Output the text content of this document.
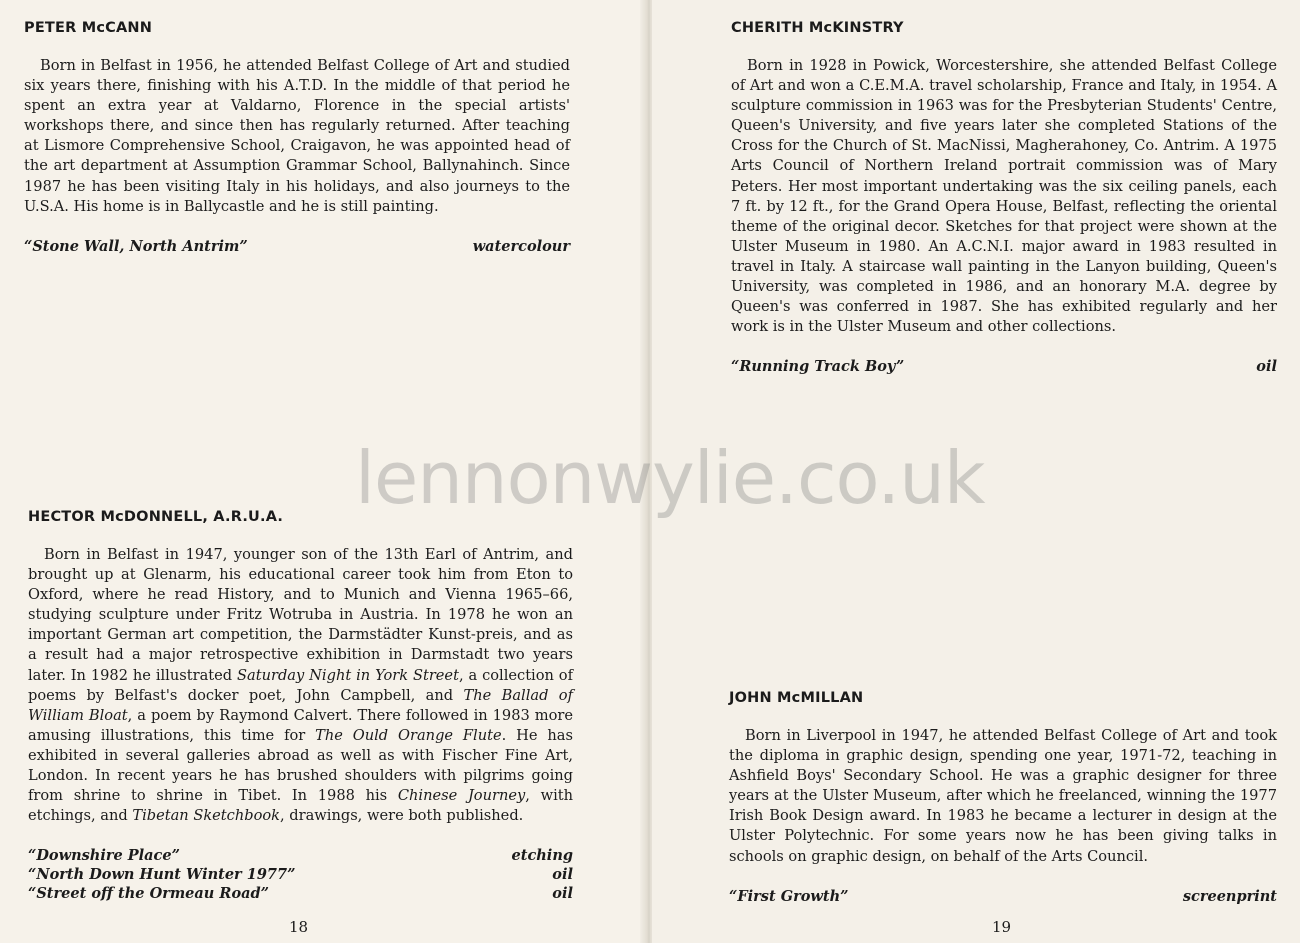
PETER McCANN

Born in Belfast in 1956, he attended Belfast College of Art and studied six years there, finishing with his A.T.D. In the middle of that period he spent an extra year at Valdarno, Florence in the special artists' workshops there, and since then has regularly returned. After teaching at Lismore Comprehensive School, Craigavon, he was appointed head of the art department at Assumption Grammar School, Ballynahinch. Since 1987 he has been visiting Italy in his holidays, and also journeys to the U.S.A. His home is in Ballycastle and he is still painting.

“Stone Wall, North Antrim”	watercolour
HECTOR McDONNELL, A.R.U.A.

Born in Belfast in 1947, younger son of the 13th Earl of Antrim, and brought up at Glenarm, his educational career took him from Eton to Oxford, where he read History, and to Munich and Vienna 1965–66, studying sculpture under Fritz Wotruba in Austria. In 1978 he won an important German art competition, the Darmstädter Kunst-preis, and as a result had a major retrospective exhibition in Darmstadt two years later. In 1982 he illustrated Saturday Night in York Street, a collection of poems by Belfast's docker poet, John Campbell, and The Ballad of William Bloat, a poem by Raymond Calvert. There followed in 1983 more amusing illustrations, this time for The Ould Orange Flute. He has exhibited in several galleries abroad as well as with Fischer Fine Art, London. In recent years he has brushed shoulders with pilgrims going from shrine to shrine in Tibet. In 1988 his Chinese Journey, with etchings, and Tibetan Sketchbook, drawings, were both published.

“Downshire Place”	etching
“North Down Hunt Winter 1977”	oil
“Street off the Ormeau Road”	oil
18
CHERITH McKINSTRY

Born in 1928 in Powick, Worcestershire, she attended Belfast College of Art and won a C.E.M.A. travel scholarship, France and Italy, in 1954. A sculpture commission in 1963 was for the Presbyterian Students' Centre, Queen's University, and five years later she completed Stations of the Cross for the Church of St. MacNissi, Magherahoney, Co. Antrim. A 1975 Arts Council of Northern Ireland portrait commission was of Mary Peters. Her most important undertaking was the six ceiling panels, each 7 ft. by 12 ft., for the Grand Opera House, Belfast, reflecting the oriental theme of the original decor. Sketches for that project were shown at the Ulster Museum in 1980. An A.C.N.I. major award in 1983 resulted in travel in Italy. A staircase wall painting in the Lanyon building, Queen's University, was completed in 1986, and an honorary M.A. degree by Queen's was conferred in 1987. She has exhibited regularly and her work is in the Ulster Museum and other collections.

“Running Track Boy”	oil
JOHN McMILLAN

Born in Liverpool in 1947, he attended Belfast College of Art and took the diploma in graphic design, spending one year, 1971-72, teaching in Ashfield Boys' Secondary School. He was a graphic designer for three years at the Ulster Museum, after which he freelanced, winning the 1977 Irish Book Design award. In 1983 he became a lecturer in design at the Ulster Polytechnic. For some years now he has been giving talks in schools on graphic design, on behalf of the Arts Council.

“First Growth”	screenprint
19
lennonwylie.co.uk
